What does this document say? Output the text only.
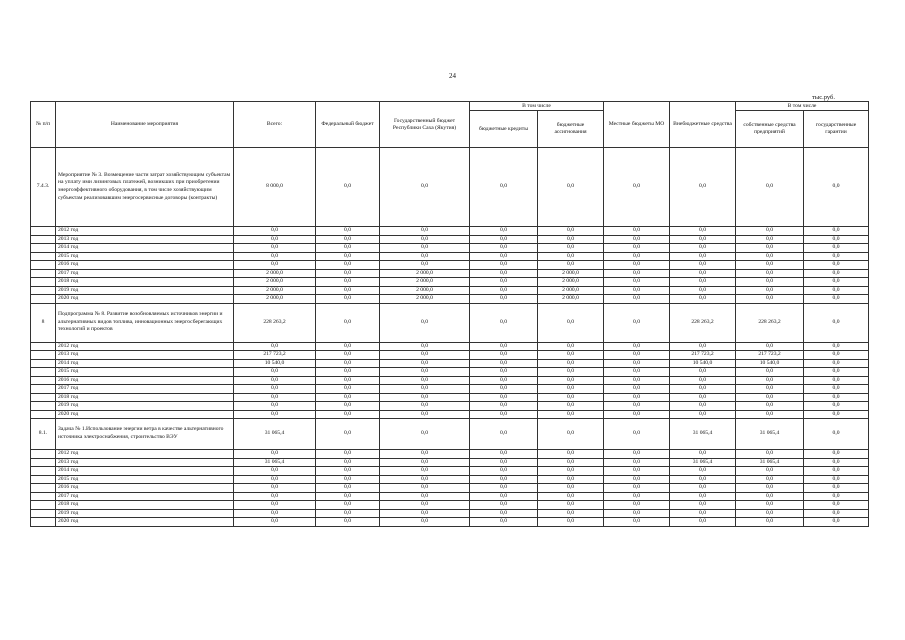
24
тыс.руб.
№ п/п	Наименование мероприятия	Всего:	Федеральный бюджет	Государственный бюджет Республики Саха (Якутия)	В том числе		Местные бюджеты МО	Внебюджетные средства	В том числе	
					бюджетные кредиты	бюджетные ассигнования			собственные средства предприятий	государственные гарантии
7.4.3.	Мероприятие № 3. Возмещение части затрат хозяйствующим субъектам на уплату ими лизинговых платежей, возникших при приобретении энергоэффективного оборудования, в том числе хозяйствующим субъектам реализовавшим энергосервисные договоры (контракты)	8 000,0	0,0	0,0	0,0	0,0	0,0	0,0	0,0	0,0
	2012 год	0,0	0,0	0,0	0,0	0,0	0,0	0,0	0,0	0,0
	2013 год	0,0	0,0	0,0	0,0	0,0	0,0	0,0	0,0	0,0
	2014 год	0,0	0,0	0,0	0,0	0,0	0,0	0,0	0,0	0,0
	2015 год	0,0	0,0	0,0	0,0	0,0	0,0	0,0	0,0	0,0
	2016 год	0,0	0,0	0,0	0,0	0,0	0,0	0,0	0,0	0,0
	2017 год	2 000,0	0,0	2 000,0	0,0	2 000,0	0,0	0,0	0,0	0,0
	2018 год	2 000,0	0,0	2 000,0	0,0	2 000,0	0,0	0,0	0,0	0,0
	2019 год	2 000,0	0,0	2 000,0	0,0	2 000,0	0,0	0,0	0,0	0,0
	2020 год	2 000,0	0,0	2 000,0	0,0	2 000,0	0,0	0,0	0,0	0,0
8	Подпрограмма № 8. Развитие возобновляемых источников энергии и альтернативных видов топлива, инновационных энергосберегающих технологий и проектов	228 263,2	0,0	0,0	0,0	0,0	0,0	228 263,2	228 263,2	0,0
	2012 год	0,0	0,0	0,0	0,0	0,0	0,0	0,0	0,0	0,0
	2013 год	217 723,2	0,0	0,0	0,0	0,0	0,0	217 723,2	217 723,2	0,0
	2014 год	10 540,0	0,0	0,0	0,0	0,0	0,0	10 540,0	10 540,0	0,0
	2015 год	0,0	0,0	0,0	0,0	0,0	0,0	0,0	0,0	0,0
	2016 год	0,0	0,0	0,0	0,0	0,0	0,0	0,0	0,0	0,0
	2017 год	0,0	0,0	0,0	0,0	0,0	0,0	0,0	0,0	0,0
	2018 год	0,0	0,0	0,0	0,0	0,0	0,0	0,0	0,0	0,0
	2019 год	0,0	0,0	0,0	0,0	0,0	0,0	0,0	0,0	0,0
	2020 год	0,0	0,0	0,0	0,0	0,0	0,0	0,0	0,0	0,0
8.1.	Задача № 1.Использование энергии ветра в качестве альтернативного источника электроснабжения, строительство ВЭУ	31 065,4	0,0	0,0	0,0	0,0	0,0	31 065,4	31 065,4	0,0
	2012 год	0,0	0,0	0,0	0,0	0,0	0,0	0,0	0,0	0,0
	2013 год	31 065,4	0,0	0,0	0,0	0,0	0,0	31 065,4	31 065,4	0,0
	2014 год	0,0	0,0	0,0	0,0	0,0	0,0	0,0	0,0	0,0
	2015 год	0,0	0,0	0,0	0,0	0,0	0,0	0,0	0,0	0,0
	2016 год	0,0	0,0	0,0	0,0	0,0	0,0	0,0	0,0	0,0
	2017 год	0,0	0,0	0,0	0,0	0,0	0,0	0,0	0,0	0,0
	2018 год	0,0	0,0	0,0	0,0	0,0	0,0	0,0	0,0	0,0
	2019 год	0,0	0,0	0,0	0,0	0,0	0,0	0,0	0,0	0,0
	2020 год	0,0	0,0	0,0	0,0	0,0	0,0	0,0	0,0	0,0
